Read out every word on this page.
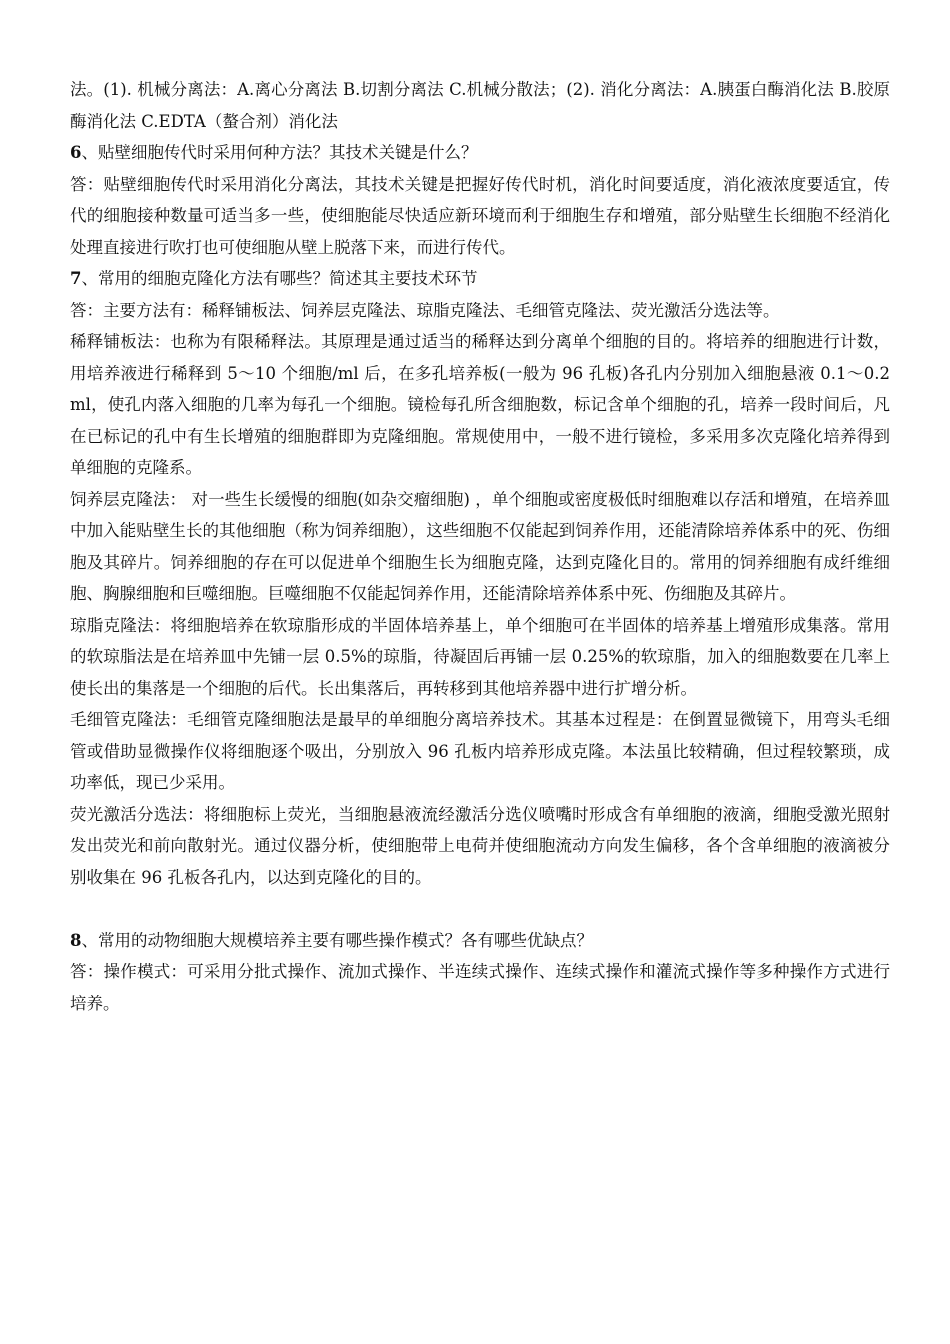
法。(1). 机械分离法：A.离心分离法 B.切割分离法 C.机械分散法；(2). 消化分离法：A.胰蛋白酶消化法 B.胶原酶消化法 C.EDTA（螯合剂）消化法

6、贴壁细胞传代时采用何种方法？其技术关键是什么？

答：贴壁细胞传代时采用消化分离法，其技术关键是把握好传代时机，消化时间要适度，消化液浓度要适宜，传代的细胞接种数量可适当多一些，使细胞能尽快适应新环境而利于细胞生存和增殖，部分贴壁生长细胞不经消化处理直接进行吹打也可使细胞从壁上脱落下来，而进行传代。

7、常用的细胞克隆化方法有哪些？简述其主要技术环节

答：主要方法有：稀释铺板法、饲养层克隆法、琼脂克隆法、毛细管克隆法、荧光激活分选法等。

稀释铺板法：也称为有限稀释法。其原理是通过适当的稀释达到分离单个细胞的目的。将培养的细胞进行计数，用培养液进行稀释到 5～10 个细胞/ml 后，在多孔培养板(一般为 96 孔板)各孔内分别加入细胞悬液 0.1～0.2 ml，使孔内落入细胞的几率为每孔一个细胞。镜检每孔所含细胞数，标记含单个细胞的孔，培养一段时间后，凡在已标记的孔中有生长增殖的细胞群即为克隆细胞。常规使用中，一般不进行镜检，多采用多次克隆化培养得到单细胞的克隆系。

饲养层克隆法： 对一些生长缓慢的细胞(如杂交瘤细胞) ，单个细胞或密度极低时细胞难以存活和增殖，在培养皿中加入能贴壁生长的其他细胞（称为饲养细胞），这些细胞不仅能起到饲养作用，还能清除培养体系中的死、伤细胞及其碎片。饲养细胞的存在可以促进单个细胞生长为细胞克隆，达到克隆化目的。常用的饲养细胞有成纤维细胞、胸腺细胞和巨噬细胞。巨噬细胞不仅能起饲养作用，还能清除培养体系中死、伤细胞及其碎片。

琼脂克隆法：将细胞培养在软琼脂形成的半固体培养基上，单个细胞可在半固体的培养基上增殖形成集落。常用的软琼脂法是在培养皿中先铺一层 0.5%的琼脂，待凝固后再铺一层 0.25%的软琼脂，加入的细胞数要在几率上使长出的集落是一个细胞的后代。长出集落后，再转移到其他培养器中进行扩增分析。

毛细管克隆法：毛细管克隆细胞法是最早的单细胞分离培养技术。其基本过程是：在倒置显微镜下，用弯头毛细管或借助显微操作仪将细胞逐个吸出，分别放入 96 孔板内培养形成克隆。本法虽比较精确，但过程较繁琐，成功率低，现已少采用。

荧光激活分选法：将细胞标上荧光，当细胞悬液流经激活分选仪喷嘴时形成含有单细胞的液滴，细胞受激光照射发出荧光和前向散射光。通过仪器分析，使细胞带上电荷并使细胞流动方向发生偏移，各个含单细胞的液滴被分别收集在 96 孔板各孔内，以达到克隆化的目的。

8、常用的动物细胞大规模培养主要有哪些操作模式？各有哪些优缺点？

答：操作模式：可采用分批式操作、流加式操作、半连续式操作、连续式操作和灌流式操作等多种操作方式进行培养。
